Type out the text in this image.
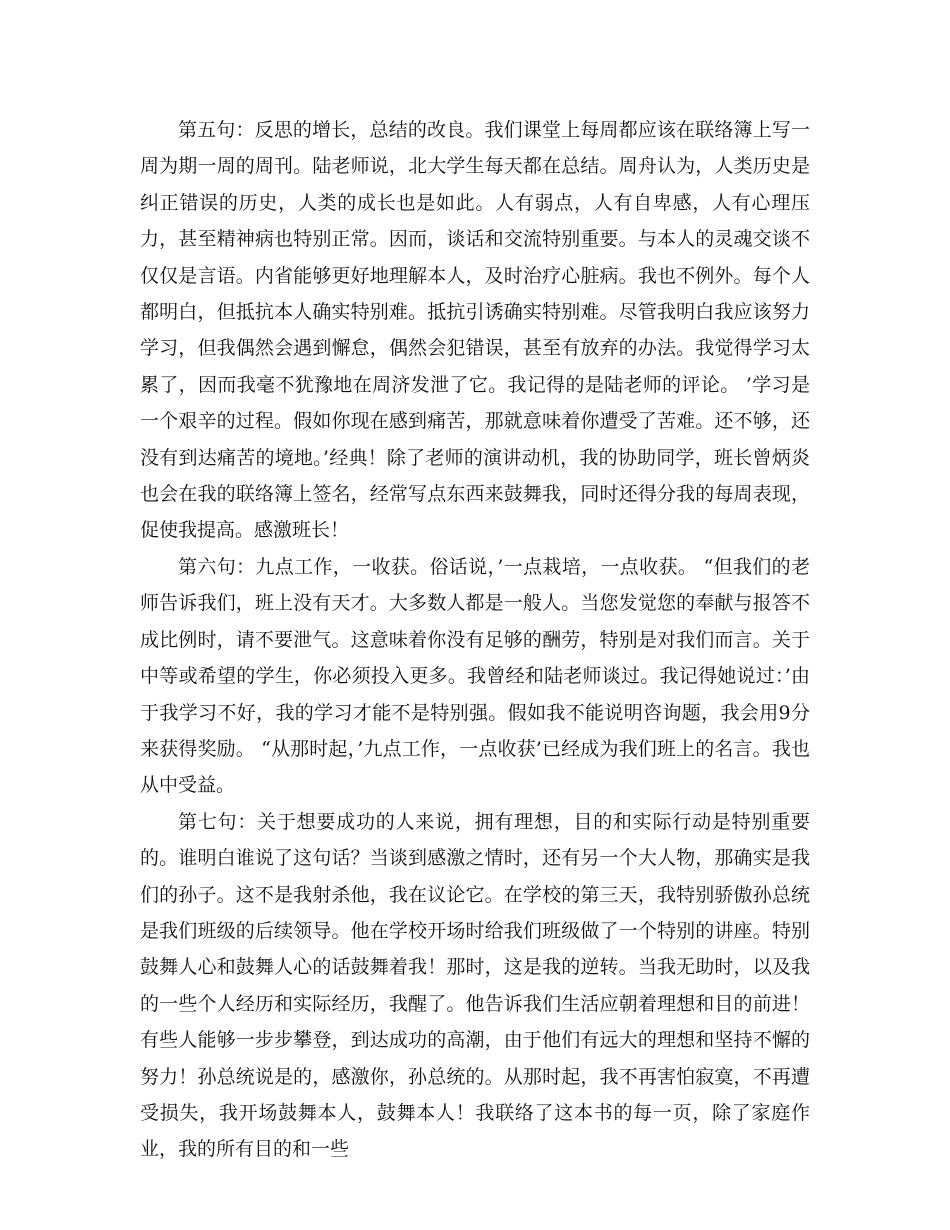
第五句：反思的增长，总结的改良。我们课堂上每周都应该在联络簿上写一周为期一周的周刊。陆老师说，北大学生每天都在总结。周舟认为，人类历史是纠正错误的历史，人类的成长也是如此。人有弱点，人有自卑感，人有心理压力，甚至精神病也特别正常。因而，谈话和交流特别重要。与本人的灵魂交谈不仅仅是言语。内省能够更好地理解本人，及时治疗心脏病。我也不例外。每个人都明白，但抵抗本人确实特别难。抵抗引诱确实特别难。尽管我明白我应该努力学习，但我偶然会遇到懈怠，偶然会犯错误，甚至有放弃的办法。我觉得学习太累了，因而我毫不犹豫地在周济发泄了它。我记得的是陆老师的评论。 ’学习是一个艰辛的过程。假如你现在感到痛苦，那就意味着你遭受了苦难。还不够，还没有到达痛苦的境地。’经典！除了老师的演讲动机，我的协助同学，班长曾炳炎也会在我的联络簿上签名，经常写点东西来鼓舞我，同时还得分我的每周表现，促使我提高。感激班长！

第六句：九点工作，一收获。俗话说，’一点栽培，一点收获。 “但我们的老师告诉我们，班上没有天才。大多数人都是一般人。当您发觉您的奉献与报答不成比例时，请不要泄气。这意味着你没有足够的酬劳，特别是对我们而言。关于中等或希望的学生，你必须投入更多。我曾经和陆老师谈过。我记得她说过：’由于我学习不好，我的学习才能不是特别强。假如我不能说明咨询题，我会用9分来获得奖励。 “从那时起，’九点工作，一点收获’已经成为我们班上的名言。我也从中受益。

第七句：关于想要成功的人来说，拥有理想，目的和实际行动是特别重要的。谁明白谁说了这句话？当谈到感激之情时，还有另一个大人物，那确实是我们的孙子。这不是我射杀他，我在议论它。在学校的第三天，我特别骄傲孙总统是我们班级的后续领导。他在学校开场时给我们班级做了一个特别的讲座。特别鼓舞人心和鼓舞人心的话鼓舞着我！那时，这是我的逆转。当我无助时，以及我的一些个人经历和实际经历，我醒了。他告诉我们生活应朝着理想和目的前进！有些人能够一步步攀登，到达成功的高潮，由于他们有远大的理想和坚持不懈的努力！孙总统说是的，感激你，孙总统的。从那时起，我不再害怕寂寞，不再遭受损失，我开场鼓舞本人，鼓舞本人！我联络了这本书的每一页，除了家庭作业，我的所有目的和一些
